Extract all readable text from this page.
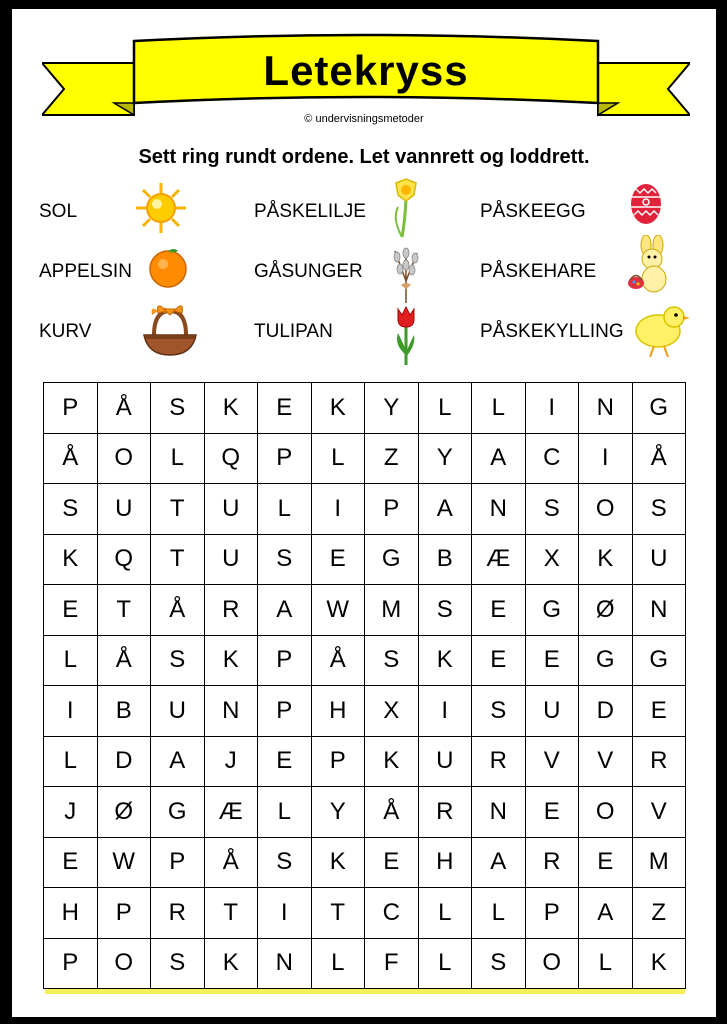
Letekryss
© undervisningsmetoder
Sett ring rundt ordene. Let vannrett og loddrett.
SOL
APPELSIN
KURV
PÅSKELILJE
GÅSUNGER
TULIPAN
PÅSKEEGG
PÅSKEHARE
PÅSKEKYLLING
P	Å	S	K	E	K	Y	L	L	I	N	G
Å	O	L	Q	P	L	Z	Y	A	C	I	Å
S	U	T	U	L	I	P	A	N	S	O	S
K	Q	T	U	S	E	G	B	Æ	X	K	U
E	T	Å	R	A	W	M	S	E	G	Ø	N
L	Å	S	K	P	Å	S	K	E	E	G	G
I	B	U	N	P	H	X	I	S	U	D	E
L	D	A	J	E	P	K	U	R	V	V	R
J	Ø	G	Æ	L	Y	Å	R	N	E	O	V
E	W	P	Å	S	K	E	H	A	R	E	M
H	P	R	T	I	T	C	L	L	P	A	Z
P	O	S	K	N	L	F	L	S	O	L	K
